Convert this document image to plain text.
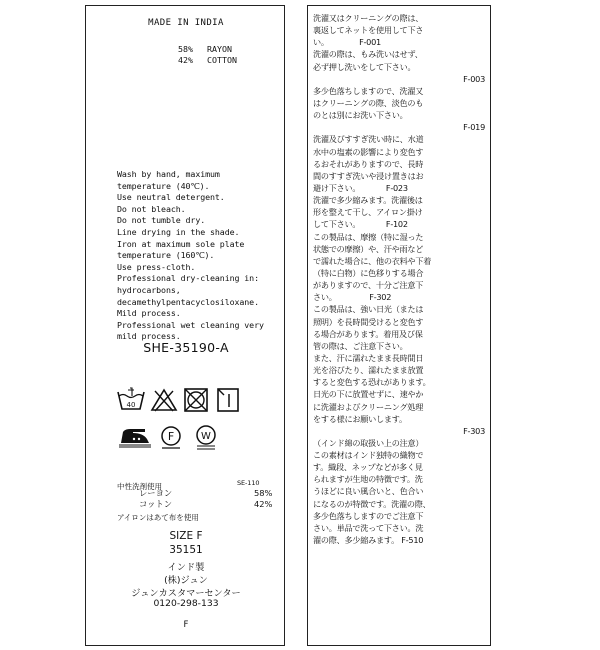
MADE IN INDIA
58% RAYON
42% COTTON
Wash by hand, maximum
temperature (40℃).
Use neutral detergent.
Do not bleach.
Do not tumble dry.
Line drying in the shade.
Iron at maximum sole plate
temperature (160℃).
Use press-cloth.
Professional dry-cleaning in:
hydrocarbons,
decamethylpentacyclosiloxane.
Mild process.
Professional wet cleaning very
mild process.
SHE-35190-A
40
F	W

中性洗剤使用

アイロンはあて布を使用

SE-110
レーヨン	58%
コットン	42%
SIZE F
35151
インド製
(株)ジュン
ジュンカスタマーセンター
0120-298-133
F
洗濯又はクリーニングの際は、
裏返してネットを使用して下さ
い。             F-001
洗濯の際は、もみ洗いはせず、
必ず押し洗いをして下さい。
F-003
多少色落ちしますので、洗濯又
はクリーニングの際、淡色のも
のとは別にお洗い下さい。
F-019
洗濯及びすすぎ洗い時に、水道
水中の塩素の影響により変色す
るおそれがありますので、長時
間のすすぎ洗いや浸け置きはお
避け下さい。           F-023
洗濯で多少縮みます。洗濯後は
形を整えて干し、アイロン掛け
して下さい。           F-102
この製品は、摩擦（特に湿った
状態での摩擦）や、汗や雨など
で濡れた場合に、他の衣料や下着
（特に白物）に色移りする場合
がありますので、十分ご注意下
さい。              F-302
この製品は、強い日光（または
照明）を長時間受けると変色す
る場合があります。着用及び保
管の際は、ご注意下さい。
また、汗に濡れたまま長時間日
光を浴びたり、濡れたまま放置
すると変色する恐れがあります。
日光の下に放置せずに、速やか
に洗濯およびクリーニング処理
をする様にお願いします。
F-303
（インド綿の取扱い上の注意）
この素材はインド独特の織物で
す。織段、ネップなどが多く見
られますが生地の特徴です。洗
うほどに良い風合いと、色合い
になるのが特徴です。洗濯の際、
多少色落ちしますのでご注意下
さい。単品で洗って下さい。洗
濯の際、多少縮みます。 F-510
